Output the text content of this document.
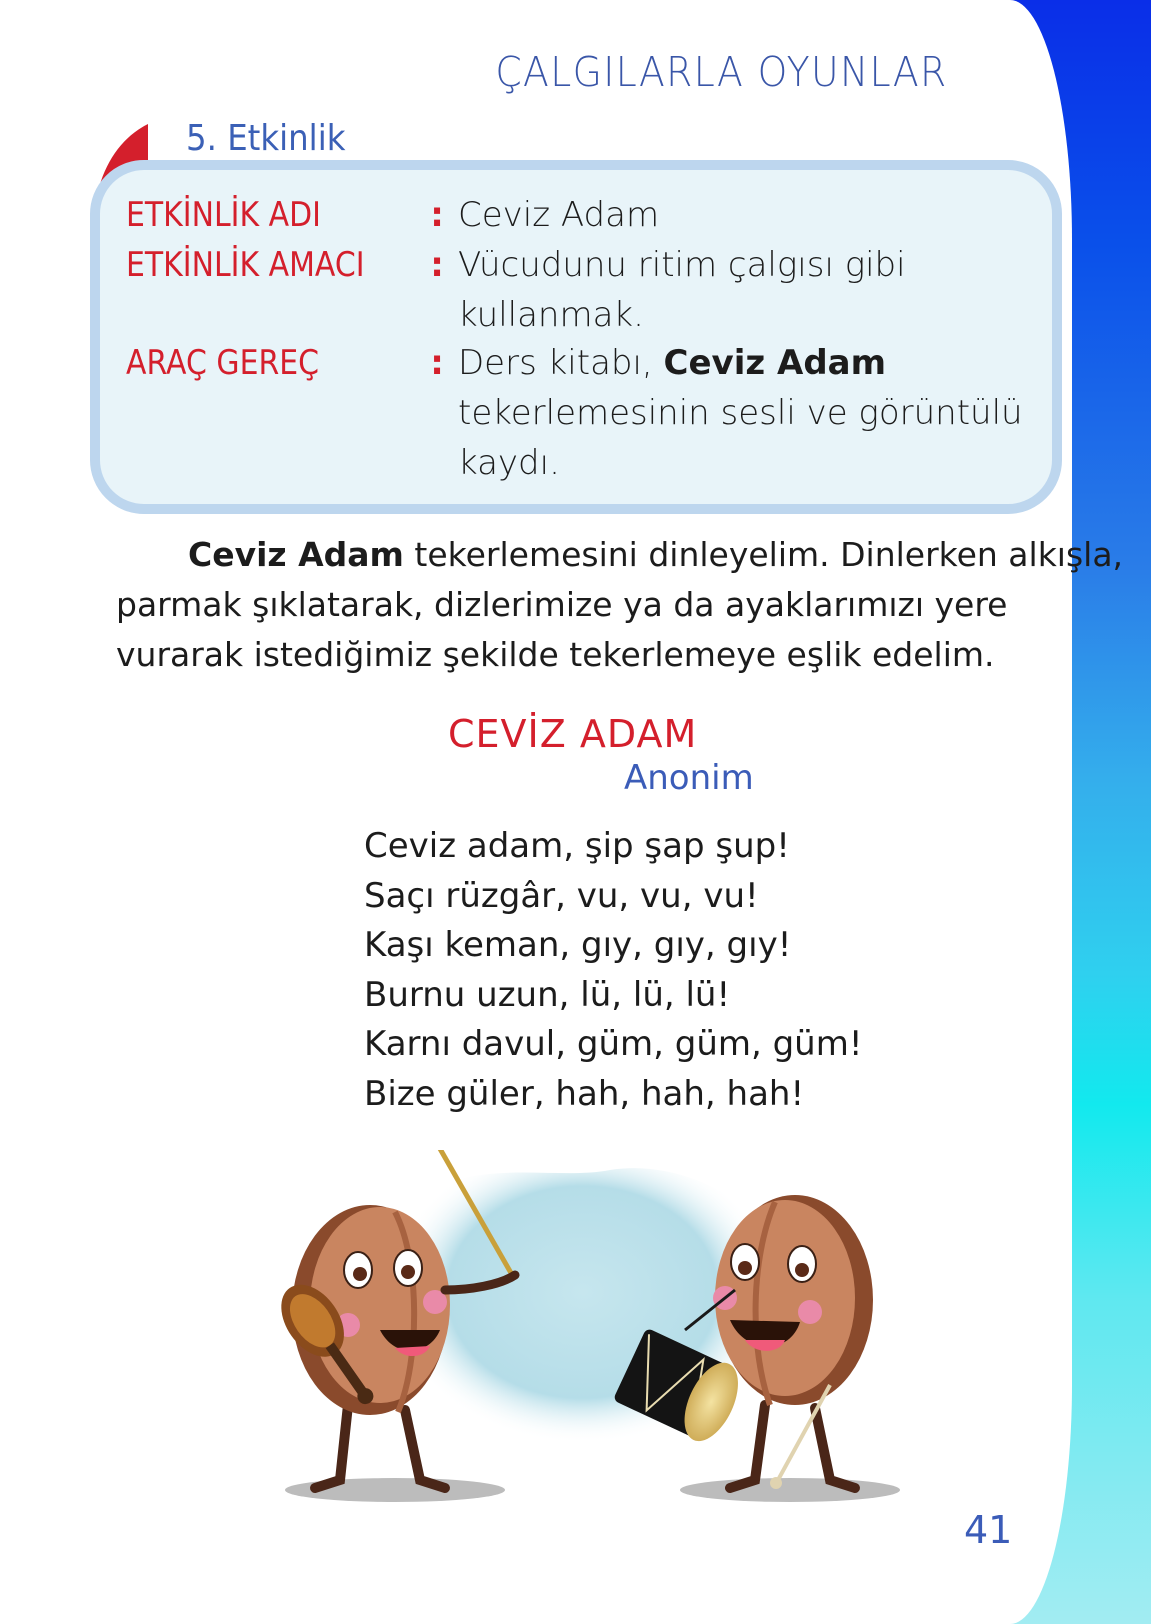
ÇALGILARLA OYUNLAR
5. Etkinlik
ETKİNLİK ADI	: Ceviz Adam
ETKİNLİK AMACI	: Vücudunu ritim çalgısı gibi
kullanmak.
ARAÇ GEREÇ	: Ders kitabı, Ceviz Adam
tekerlemesinin sesli ve görüntülü
kaydı.
Ceviz Adam tekerlemesini dinleyelim. Dinlerken alkışla,
parmak şıklatarak, dizlerimize ya da ayaklarımızı yere
vurarak istediğimiz şekilde tekerlemeye eşlik edelim.
CEVİZ ADAM
Anonim
Ceviz adam, şip şap şup!
Saçı rüzgâr, vu, vu, vu!
Kaşı keman, gıy, gıy, gıy!
Burnu uzun, lü, lü, lü!
Karnı davul, güm, güm, güm!
Bize güler, hah, hah, hah!
41
